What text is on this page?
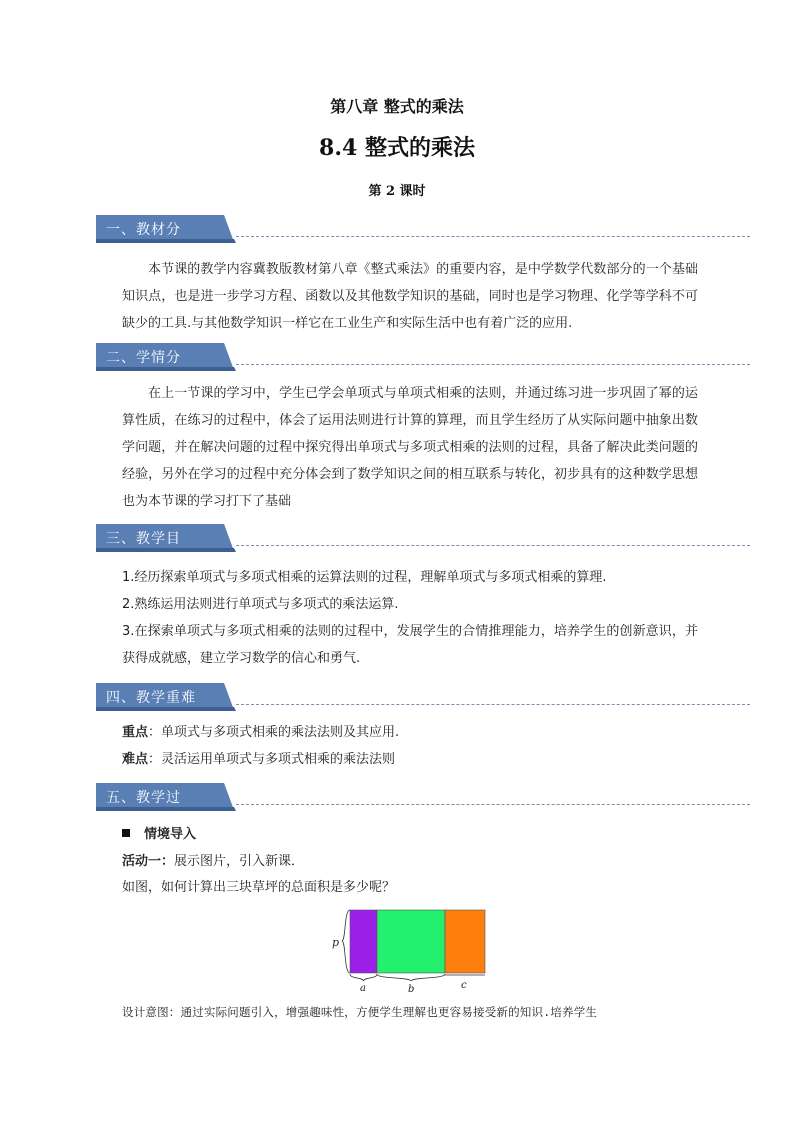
第八章 整式的乘法
8.4 整式的乘法
第 2 课时
一、教材分

本节课的教学内容冀教版教材第八章《整式乘法》的重要内容，是中学数学代数部分的一个基础知识点，也是进一步学习方程、函数以及其他数学知识的基础，同时也是学习物理、化学等学科不可缺少的工具.与其他数学知识一样它在工业生产和实际生活中也有着广泛的应用.

二、学情分

在上一节课的学习中，学生已学会单项式与单项式相乘的法则，并通过练习进一步巩固了幂的运算性质，在练习的过程中，体会了运用法则进行计算的算理，而且学生经历了从实际问题中抽象出数学问题，并在解决问题的过程中探究得出单项式与多项式相乘的法则的过程，具备了解决此类问题的经验，另外在学习的过程中充分体会到了数学知识之间的相互联系与转化，初步具有的这种数学思想也为本节课的学习打下了基础

三、教学目
1.经历探索单项式与多项式相乘的运算法则的过程，理解单项式与多项式相乘的算理.
2.熟练运用法则进行单项式与多项式的乘法运算.
3.在探索单项式与多项式相乘的法则的过程中，发展学生的合情推理能力，培养学生的创新意识，并获得成就感，建立学习数学的信心和勇气.
四、教学重难
重点：单项式与多项式相乘的乘法法则及其应用.
难点：灵活运用单项式与多项式相乘的乘法法则
五、教学过
情境导入
活动一：展示图片，引入新课．
如图，如何计算出三块草坪的总面积是多少呢？
p
a	b	c
设计意图：通过实际问题引入，增强趣味性，方便学生理解也更容易接受新的知识.培养学生
